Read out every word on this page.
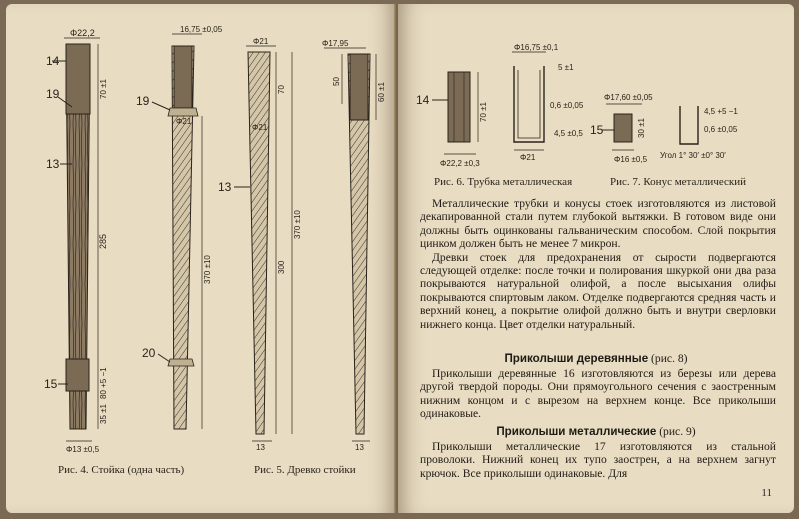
Φ22,2
14
19
13
15
70 ±1
285
80 +5 −1
35 ±1
Φ13 ±0,5
16,75 ±0,05
Φ21
19
20
370 ±10
Φ21
Φ21
13
70
300
370 ±10
13
Φ17,95
50
60 ±1
13
Рис. 4. Стойка (одна часть)	Рис. 5. Древко стойки
14
70 ±1
Φ22,2 ±0,3
Φ16,75 ±0,1
5 ±1
0,6 ±0,05
4,5 ±0,5
Φ21
15
Φ17,60 ±0,05
30 ±1
Φ16 ±0,5
4,5 +5 −1
0,6 ±0,05
Угол 1° 30′ ±0° 30′
Рис. 6. Трубка металлическая	Рис. 7. Конус металлический

Металлические трубки и конусы стоек изготовляются из листовой декапированной стали путем глубокой вытяжки. В готовом виде они должны быть оцинкованы гальваническим способом. Слой покрытия цинком должен быть не менее 7 микрон.

Древки стоек для предохранения от сырости подвергаются следующей отделке: после точки и полирования шкуркой они два раза покрываются натуральной олифой, а после высыхания олифы покрываются спиртовым лаком. Отделке подвергаются средняя часть и верхний конец, а покрытие олифой должно быть и внутри сверловки нижнего конца. Цвет отделки натуральный.

Приколыши деревянные (рис. 8)

Приколыши деревянные 16 изготовляются из березы или дерева другой твердой породы. Они прямоугольного сечения с заостренным нижним концом и с вырезом на верхнем конце. Все приколыши одинаковые.

Приколыши металлические (рис. 9)

Приколыши металлические 17 изготовляются из стальной проволоки. Нижний конец их тупо заострен, а на верхнем загнут крючок. Все приколыши одинаковые. Для

11
